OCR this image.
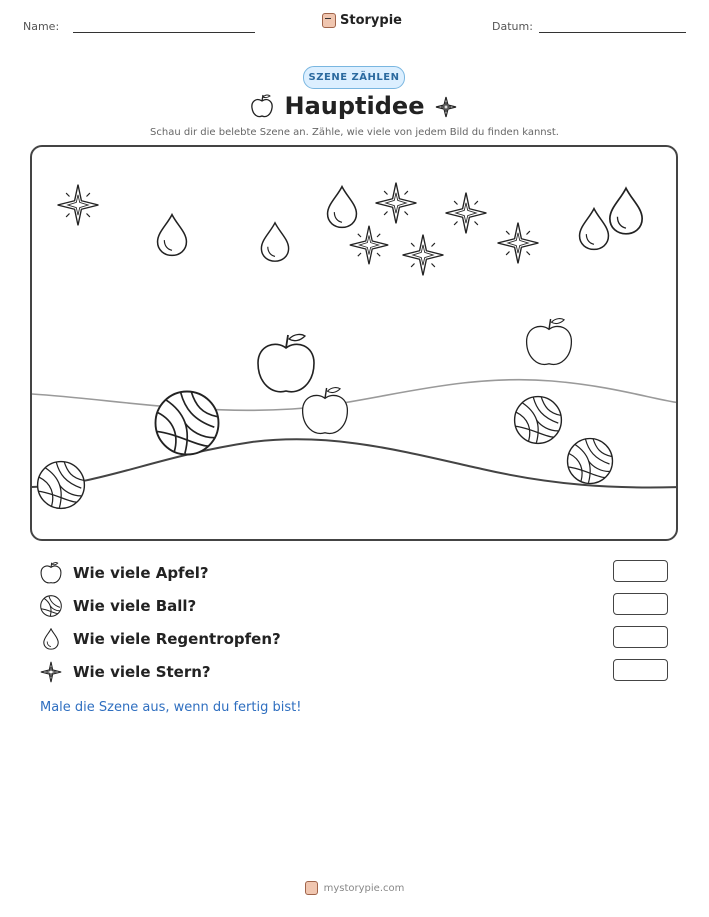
Name:	Storypie	Datum:
SZENE ZÄHLEN
Hauptidee
Schau dir die belebte Szene an. Zähle, wie viele von jedem Bild du finden kannst.
Wie viele Apfel?
Wie viele Ball?
Wie viele Regentropfen?
Wie viele Stern?
Male die Szene aus, wenn du fertig bist!
mystorypie.com
